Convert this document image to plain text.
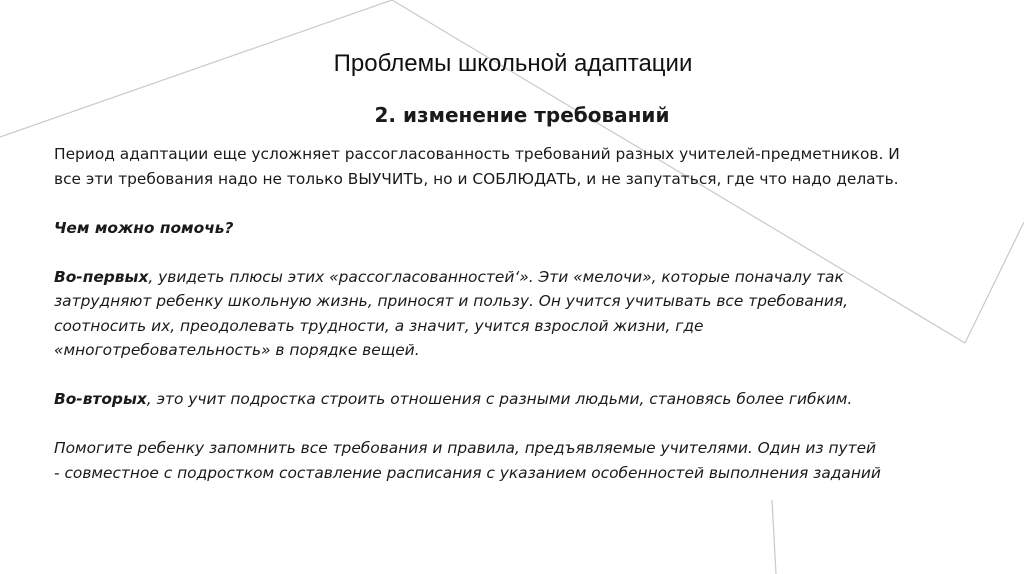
Проблемы школьной адаптации
2. изменение требований

Период адаптации еще усложняет рассогласованность требований разных учителей-предметников. И

все эти требования надо не только ВЫУЧИТЬ, но и СОБЛЮДАТЬ, и не запутаться, где что надо делать.

Чем можно помочь?

Во-первых, увидеть плюсы этих «рассогласованностей‘». Эти «мелочи», которые поначалу так

затрудняют ребенку школьную жизнь, приносят и пользу. Он учится учитывать все требования,

соотносить их, преодолевать трудности, а значит, учится взрослой жизни, где

«многотребовательность» в порядке вещей.

Во-вторых, это учит подростка строить отношения с разными людьми, становясь более гибким.

Помогите ребенку запомнить все требования и правила, предъявляемые учителями. Один из путей

- совместное с подростком составление расписания с указанием особенностей выполнения заданий
